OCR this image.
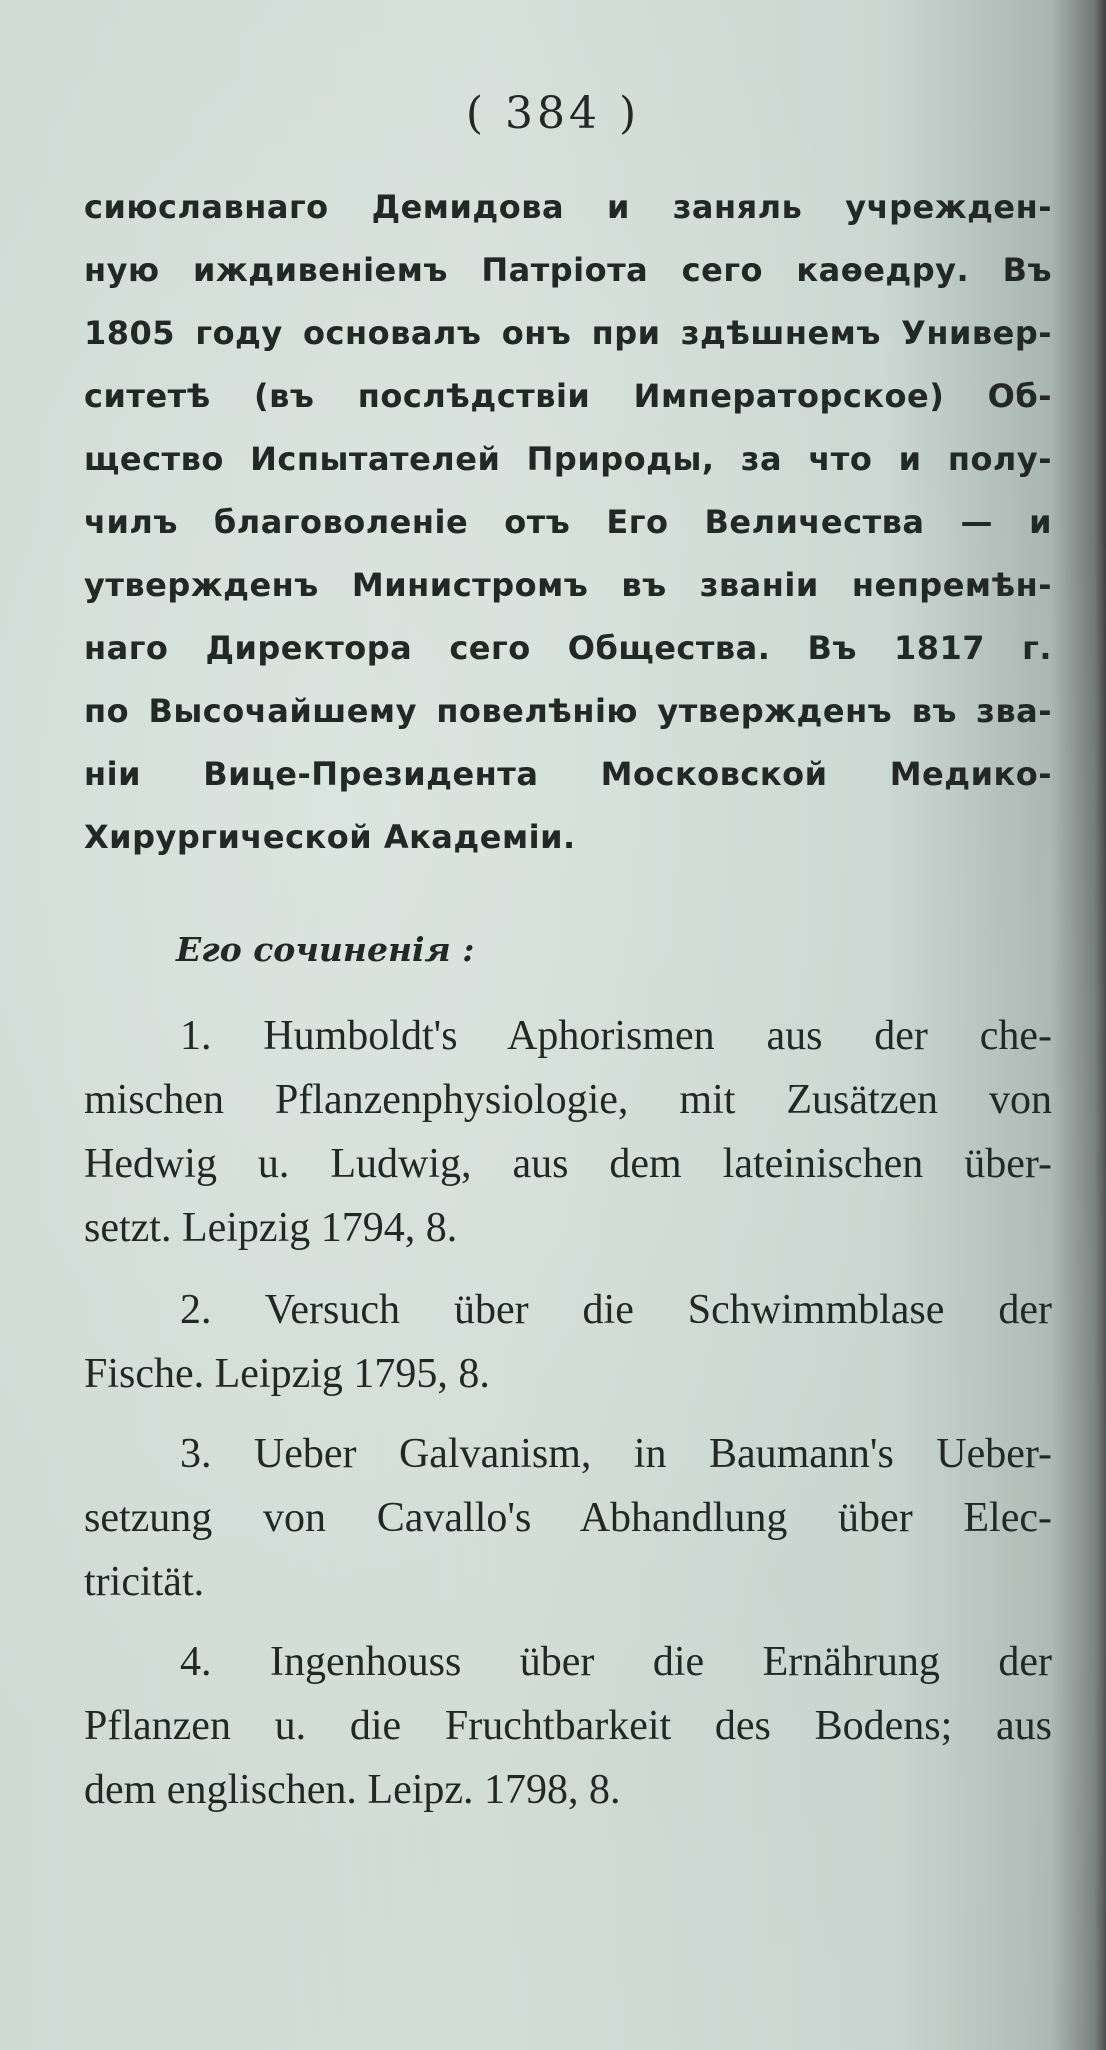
( 384 )
сиюславнаго Демидова и заняль учрежден-
ную иждивеніемъ Патріота сего каѳедру. Въ
1805 году основалъ онъ при здѣшнемъ Универ-
ситетѣ (въ послѣдствіи Императорское) Об-
щество Испытателей Природы, за что и полу-
чилъ благоволеніе отъ Его Величества — и
утвержденъ Министромъ въ званіи непремѣн-
наго Директора сего Общества. Въ 1817 г.
по Высочайшему повелѣнію утвержденъ въ зва-
ніи Вице-Президента Московской Медико-
Хирургической Академіи.
Его сочиненія :
1. Humboldt's Aphorismen aus der che-
mischen Pflanzenphysiologie, mit Zusätzen von
Hedwig u. Ludwig, aus dem lateinischen über-
setzt. Leipzig 1794, 8.
2. Versuch über die Schwimmblase der
Fische. Leipzig 1795, 8.
3. Ueber Galvanism, in Baumann's Ueber-
setzung von Cavallo's Abhandlung über Elec-
tricität.
4. Ingenhouss über die Ernährung der
Pflanzen u. die Fruchtbarkeit des Bodens; aus
dem englischen. Leipz. 1798, 8.
